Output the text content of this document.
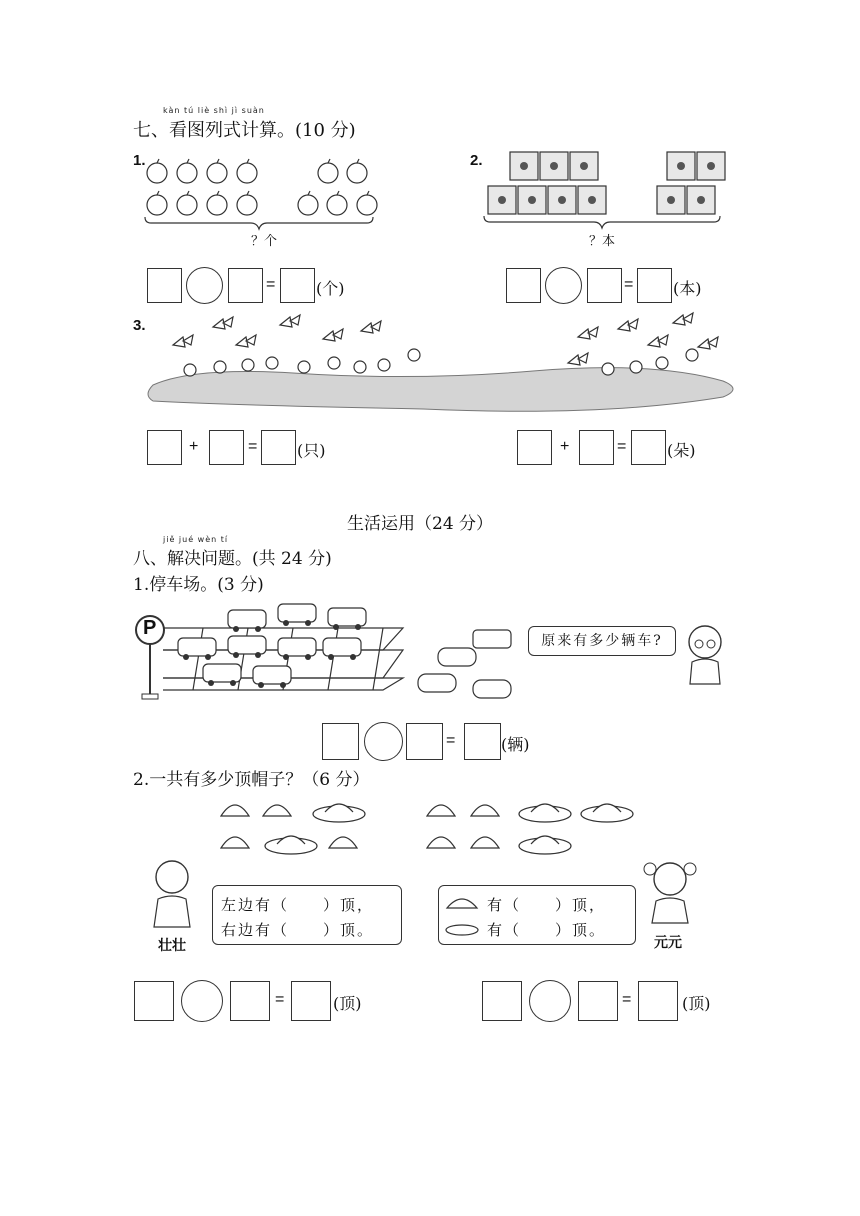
kàn tú liè shì jì suàn
七、看图列式计算。(10 分)
1.
？个
=	(个)
2.
？本
= (本)
3.
+	= (只)	+	=	(朵)
生活运用（24 分）
jiě jué wèn tí
八、解决问题。(共 24 分)
1.停车场。(3 分)
P
原来有多少辆车?
=	(辆)
2.一共有多少顶帽子？（6 分）
壮壮
左边有（　　）顶，
右边有（　　）顶。
有（　　）顶，
有（　　）顶。
元元
=	(顶)	=	(顶)
